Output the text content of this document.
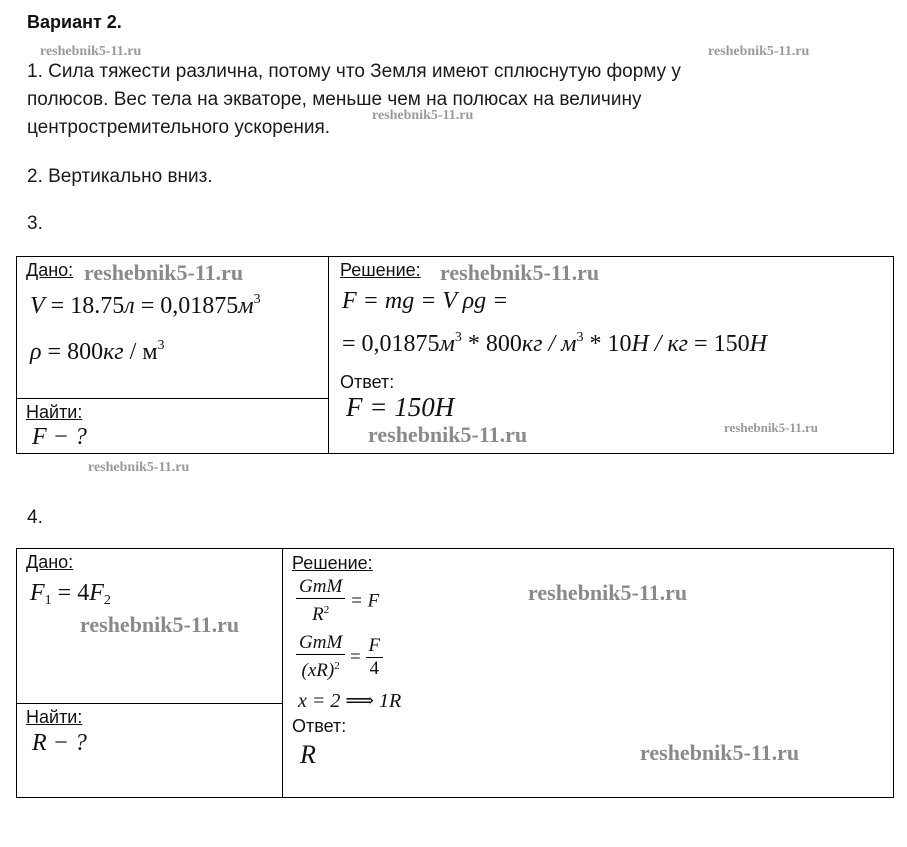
Вариант 2.
reshebnik5-11.ru	reshebnik5-11.ru
1. Сила тяжести различна, потому что Земля имеют сплюснутую форму у
полюсов. Вес тела на экваторе, меньше чем на полюсах на величину
центростремительного ускорения.
reshebnik5-11.ru
2. Вертикально вниз.
3.
Дано: reshebnik5-11.ru
$V = 18.75л = 0,01875м^3$
$\rho = 800кг / м^3$
Найти:
F − ?
Решение: reshebnik5-11.ru
F = mg = V ρg =
= $0,01875м^3 * 800кг / м^3 * 10H$ / кг = 150H
Ответ:
F = 150H
reshebnik5-11.ru	reshebnik5-11.ru
reshebnik5-11.ru
4.
Дано:
$F_1 = 4F_2$
reshebnik5-11.ru
Найти:
R − ?
Решение:
$\frac{\text{GmM}}{R^2} = F$
$\frac{\text{GmM}}{(xR)^2} = \frac{F}{4}$
x = 2 ⟹ 1R
Ответ:
R
reshebnik5-11.ru
reshebnik5-11.ru
